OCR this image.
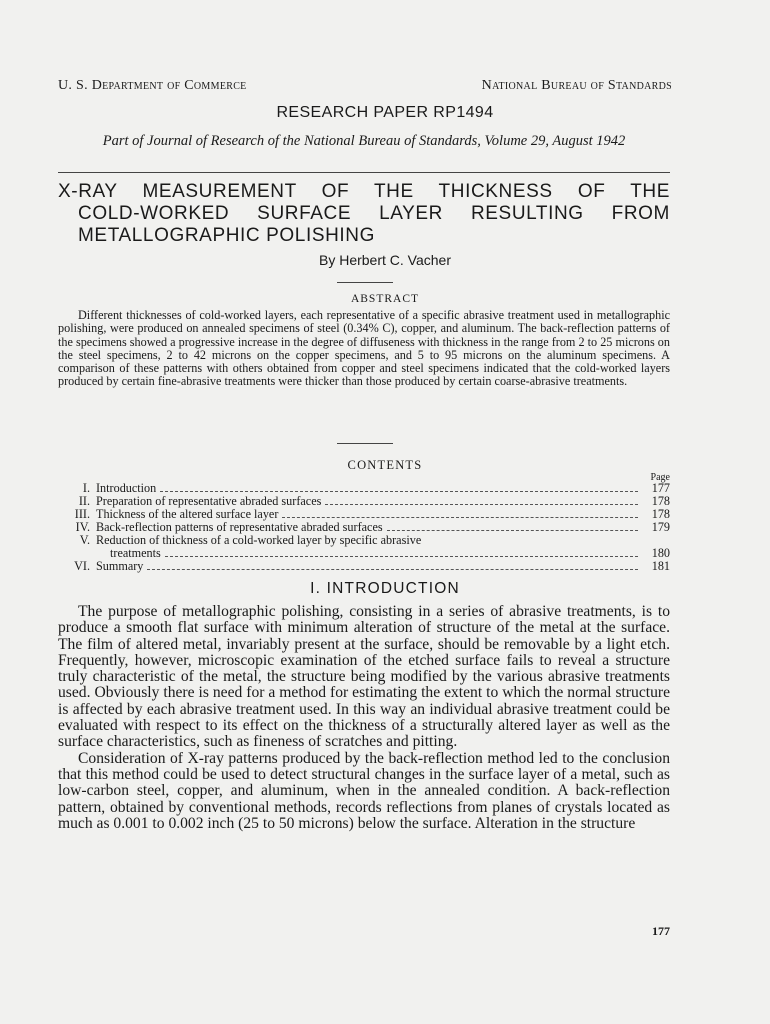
U. S. Department of Commerce	National Bureau of Standards
RESEARCH PAPER RP1494
Part of Journal of Research of the National Bureau of Standards, Volume 29, August 1942
X-RAY MEASUREMENT OF THE THICKNESS OF THE
COLD-WORKED SURFACE LAYER RESULTING FROM
METALLOGRAPHIC POLISHING
By Herbert C. Vacher
ABSTRACT
Different thicknesses of cold-worked layers, each representative of a specific abrasive treatment used in metallographic polishing, were produced on annealed specimens of steel (0.34% C), copper, and aluminum. The back-reflection patterns of the specimens showed a progressive increase in the degree of diffuseness with thickness in the range from 2 to 25 microns on the steel specimens, 2 to 42 microns on the copper specimens, and 5 to 95 microns on the aluminum specimens. A comparison of these patterns with others obtained from copper and steel specimens indicated that the cold-worked layers produced by certain fine-abrasive treatments were thicker than those produced by certain coarse-abrasive treatments.
CONTENTS
Page
I. Introduction	177
II. Preparation of representative abraded surfaces	178
III. Thickness of the altered surface layer	178
IV. Back-reflection patterns of representative abraded surfaces	179
V. Reduction of thickness of a cold-worked layer by specific abrasive
treatments	180
VI. Summary	181
I. INTRODUCTION

The purpose of metallographic polishing, consisting in a series of abrasive treatments, is to produce a smooth flat surface with minimum alteration of structure of the metal at the surface. The film of altered metal, invariably present at the surface, should be removable by a light etch. Frequently, however, microscopic examination of the etched surface fails to reveal a structure truly characteristic of the metal, the structure being modified by the various abrasive treatments used. Obviously there is need for a method for estimating the extent to which the normal structure is affected by each abrasive treatment used. In this way an individual abrasive treatment could be evaluated with respect to its effect on the thickness of a structurally altered layer as well as the surface characteristics, such as fineness of scratches and pitting.

Consideration of X-ray patterns produced by the back-reflection method led to the conclusion that this method could be used to detect structural changes in the surface layer of a metal, such as low-carbon steel, copper, and aluminum, when in the annealed condition. A back-reflection pattern, obtained by conventional methods, records reflections from planes of crystals located as much as 0.001 to 0.002 inch (25 to 50 microns) below the surface. Alteration in the structure

177
